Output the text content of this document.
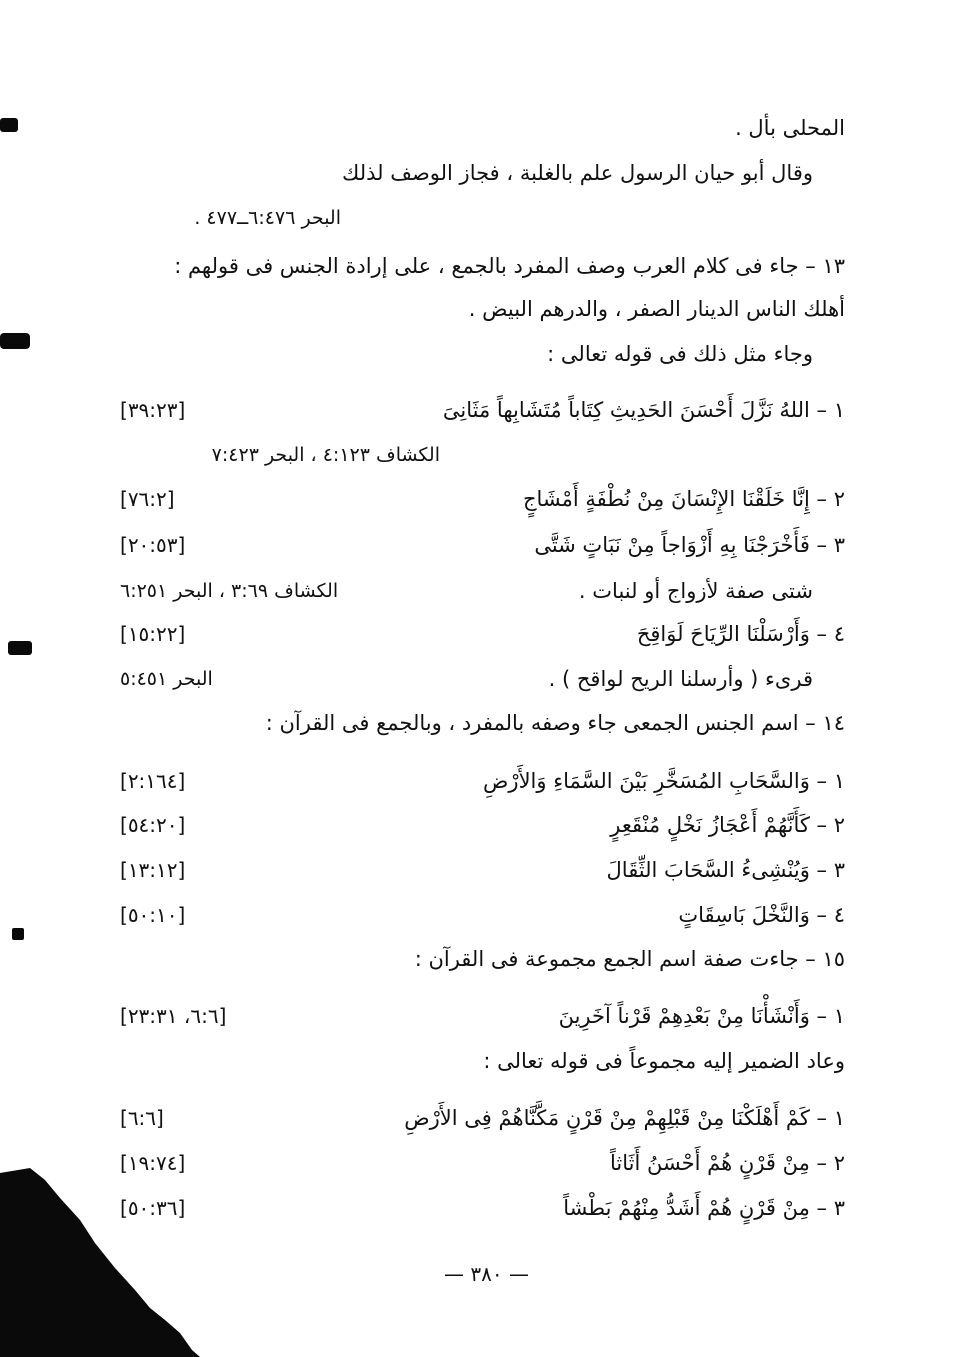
المحلى بأل .
وقال أبو حيان الرسول علم بالغلبة ، فجاز الوصف لذلك
البحر ٦:٤٧٦ــ٤٧٧ .
١٣ – جاء فى كلام العرب وصف المفرد بالجمع ، على إرادة الجنس فى قولهم :
أهلك الناس الدينار الصفر ، والدرهم البيض .
وجاء مثل ذلك فى قوله تعالى :
١ – اللهُ نَزَّلَ أَحْسَنَ الحَدِيثِ كِتَاباً مُتَشَابِهاً مَثَانِىَ
[٣٩:٢٣]
الكشاف ٤:١٢٣ ، البحر ٧:٤٢٣
٢ – إِنَّا خَلَقْنَا الإِنْسَانَ مِنْ نُطْفَةٍ أَمْشَاجٍ
[٧٦:٢]
٣ – فَأَخْرَجْنَا بِهِ أَزْوَاجاً مِنْ نَبَاتٍ شَتَّى
[٢٠:٥٣]
شتى صفة لأزواج أو لنبات .
الكشاف ٣:٦٩ ، البحر ٦:٢٥١
٤ – وَأَرْسَلْنَا الرِّيَاحَ لَوَاقِحَ
[١٥:٢٢]
قرىء ( وأرسلنا الريح لواقح ) .
البحر ٥:٤٥١
١٤ – اسم الجنس الجمعى جاء وصفه بالمفرد ، وبالجمع فى القرآن :
١ – وَالسَّحَابِ المُسَخَّرِ بَيْنَ السَّمَاءِ وَالأَرْضِ
[٢:١٦٤]
٢ – كَأَنَّهُمْ أَعْجَازُ نَخْلٍ مُنْقَعِرٍ
[٥٤:٢٠]
٣ – وَيُنْشِىءُ السَّحَابَ الثِّقَالَ
[١٣:١٢]
٤ – وَالنَّخْلَ بَاسِقَاتٍ
[٥٠:١٠]
١٥ – جاءت صفة اسم الجمع مجموعة فى القرآن :
١ – وَأَنْشَأْنَا مِنْ بَعْدِهِمْ قَرْناً آخَرِينَ
[٦:٦، ٢٣:٣١]
وعاد الضمير إليه مجموعاً فى قوله تعالى :
١ – كَمْ أَهْلَكْنَا مِنْ قَبْلِهِمْ مِنْ قَرْنٍ مَكَّنَّاهُمْ فِى الأَرْضِ
[٦:٦]
٢ – مِنْ قَرْنٍ هُمْ أَحْسَنُ أَثَاثاً
[١٩:٧٤]
٣ – مِنْ قَرْنٍ هُمْ أَشَدُّ مِنْهُمْ بَطْشاً
[٥٠:٣٦]
— ٣٨٠ —
